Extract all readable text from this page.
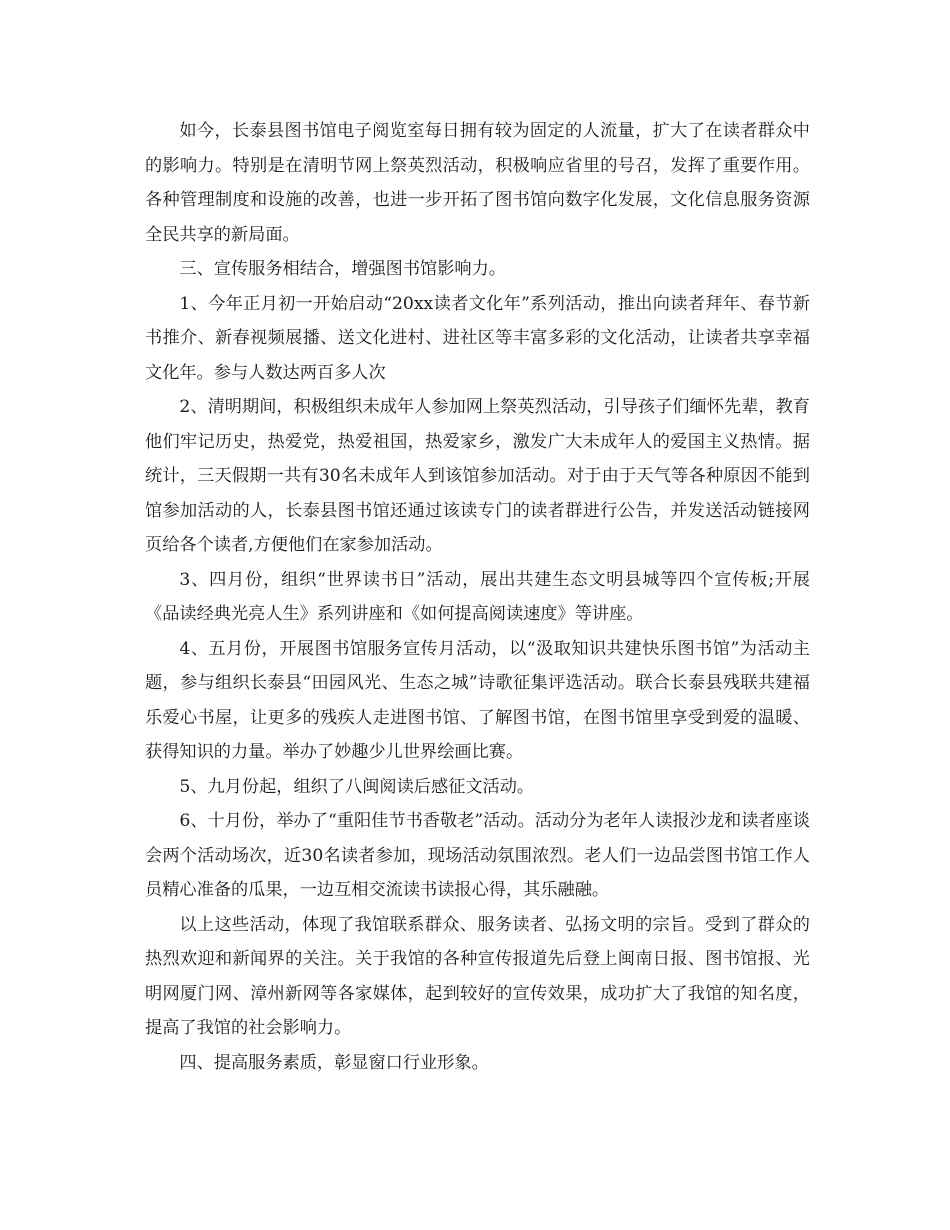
如今，长泰县图书馆电子阅览室每日拥有较为固定的人流量，扩大了在读者群众中的影响力。特别是在清明节网上祭英烈活动，积极响应省里的号召，发挥了重要作用。各种管理制度和设施的改善，也进一步开拓了图书馆向数字化发展，文化信息服务资源全民共享的新局面。

三、宣传服务相结合，增强图书馆影响力。

1、今年正月初一开始启动“20xx读者文化年”系列活动，推出向读者拜年、春节新书推介、新春视频展播、送文化进村、进社区等丰富多彩的文化活动，让读者共享幸福文化年。参与人数达两百多人次

2、清明期间，积极组织未成年人参加网上祭英烈活动，引导孩子们缅怀先辈，教育他们牢记历史，热爱党，热爱祖国，热爱家乡，激发广大未成年人的爱国主义热情。据统计，三天假期一共有30名未成年人到该馆参加活动。对于由于天气等各种原因不能到馆参加活动的人，长泰县图书馆还通过该读专门的读者群进行公告，并发送活动链接网页给各个读者,方便他们在家参加活动。

3、四月份，组织“世界读书日”活动，展出共建生态文明县城等四个宣传板;开展《品读经典光亮人生》系列讲座和《如何提高阅读速度》等讲座。

4、五月份，开展图书馆服务宣传月活动，以“汲取知识共建快乐图书馆”为活动主题，参与组织长泰县“田园风光、生态之城”诗歌征集评选活动。联合长泰县残联共建福乐爱心书屋，让更多的残疾人走进图书馆、了解图书馆，在图书馆里享受到爱的温暖、获得知识的力量。举办了妙趣少儿世界绘画比赛。

5、九月份起，组织了八闽阅读后感征文活动。

6、十月份，举办了“重阳佳节书香敬老”活动。活动分为老年人读报沙龙和读者座谈会两个活动场次，近30名读者参加，现场活动氛围浓烈。老人们一边品尝图书馆工作人员精心准备的瓜果，一边互相交流读书读报心得，其乐融融。

以上这些活动，体现了我馆联系群众、服务读者、弘扬文明的宗旨。受到了群众的热烈欢迎和新闻界的关注。关于我馆的各种宣传报道先后登上闽南日报、图书馆报、光明网厦门网、漳州新网等各家媒体，起到较好的宣传效果，成功扩大了我馆的知名度，提高了我馆的社会影响力。

四、提高服务素质，彰显窗口行业形象。
